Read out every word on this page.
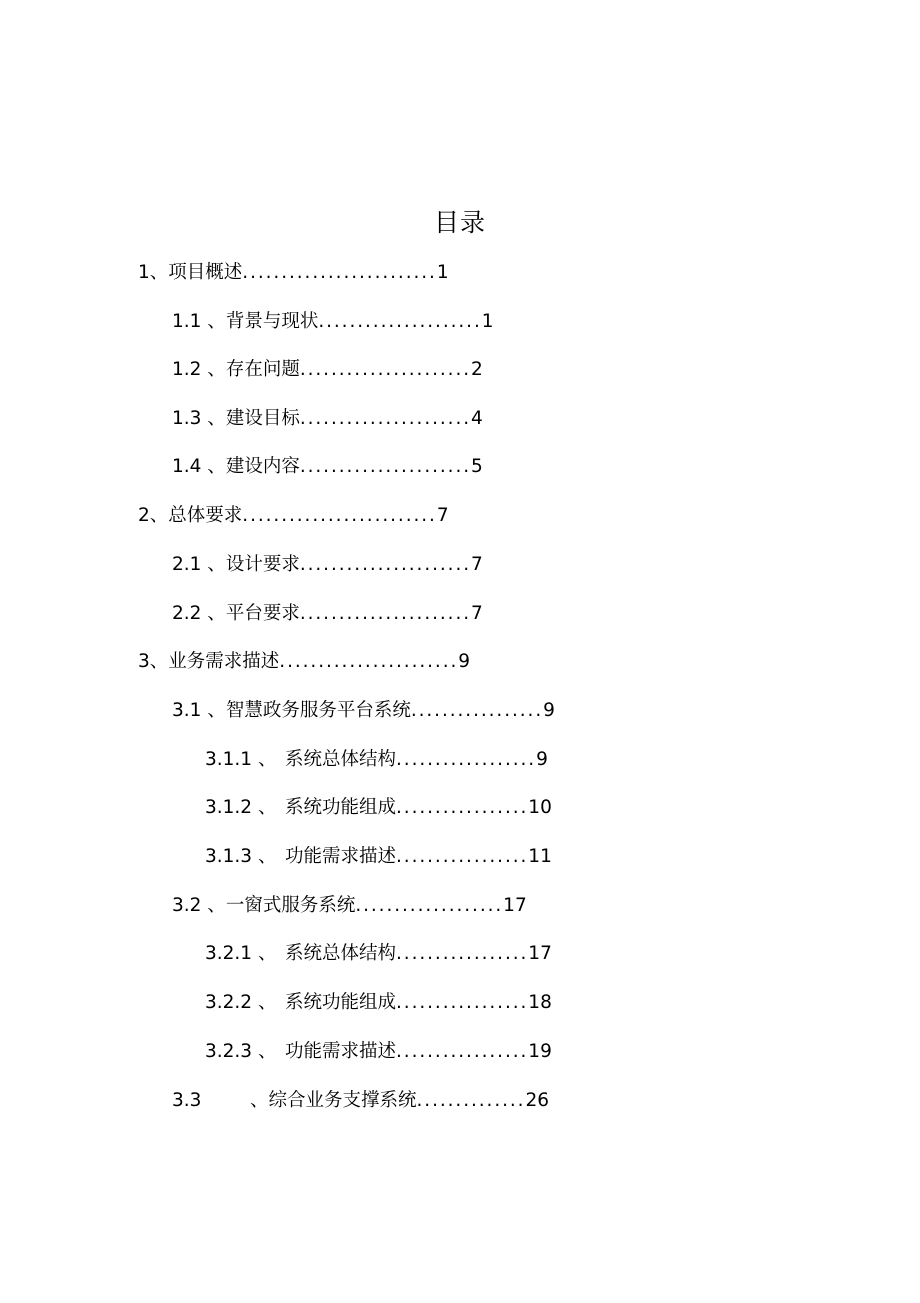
目录
1、项目概述.........................1
1.1 、背景与现状.....................1
1.2 、存在问题......................2
1.3 、建设目标......................4
1.4 、建设内容......................5
2、总体要求.........................7
2.1 、设计要求......................7
2.2 、平台要求......................7
3、业务需求描述.......................9
3.1 、智慧政务服务平台系统.................9
3.1.1 、 系统总体结构..................9
3.1.2 、 系统功能组成.................10
3.1.3 、 功能需求描述.................11
3.2 、一窗式服务系统...................17
3.2.1 、 系统总体结构.................17
3.2.2 、 系统功能组成.................18
3.2.3 、 功能需求描述.................19
3.3	、综合业务支撑系统..............26
